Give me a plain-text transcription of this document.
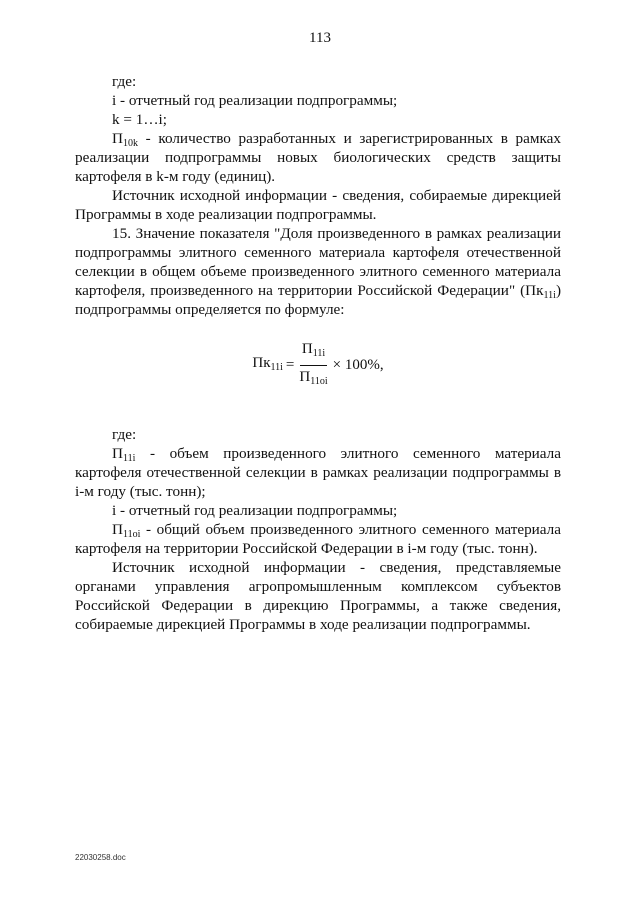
113

где:

i - отчетный год реализации подпрограммы;

k = 1…i;

$П_{10k}$ - количество разработанных и зарегистрированных в рамках

реализации подпрограммы новых биологических средств защиты

картофеля в k-м году (единиц).

Источник исходной информации - сведения, собираемые дирекцией Программы в ходе реализации подпрограммы.

15. Значение показателя "Доля произведенного в рамках реализации подпрограммы элитного семенного материала картофеля отечественной селекции в общем объеме произведенного элитного семенного материала картофеля, произведенного на территории Российской Федерации" $(Пк_{11i})$ подпрограммы определяется по формуле:

$Пк_{11i} = \frac{П_{11i}}{П_{11oi}} \times 100\%$,

где:

$П_{11i}$ - объем произведенного элитного семенного материала

картофеля отечественной селекции в рамках реализации подпрограммы в i-м году (тыс. тонн);

i - отчетный год реализации подпрограммы;

$П_{11oi}$ - общий объем произведенного элитного семенного материала

картофеля на территории Российской Федерации в i-м году (тыс. тонн).

Источник исходной информации - сведения, представляемые органами управления агропромышленным комплексом субъектов Российской Федерации в дирекцию Программы, а также сведения, собираемые дирекцией Программы в ходе реализации подпрограммы.

22030258.doc
